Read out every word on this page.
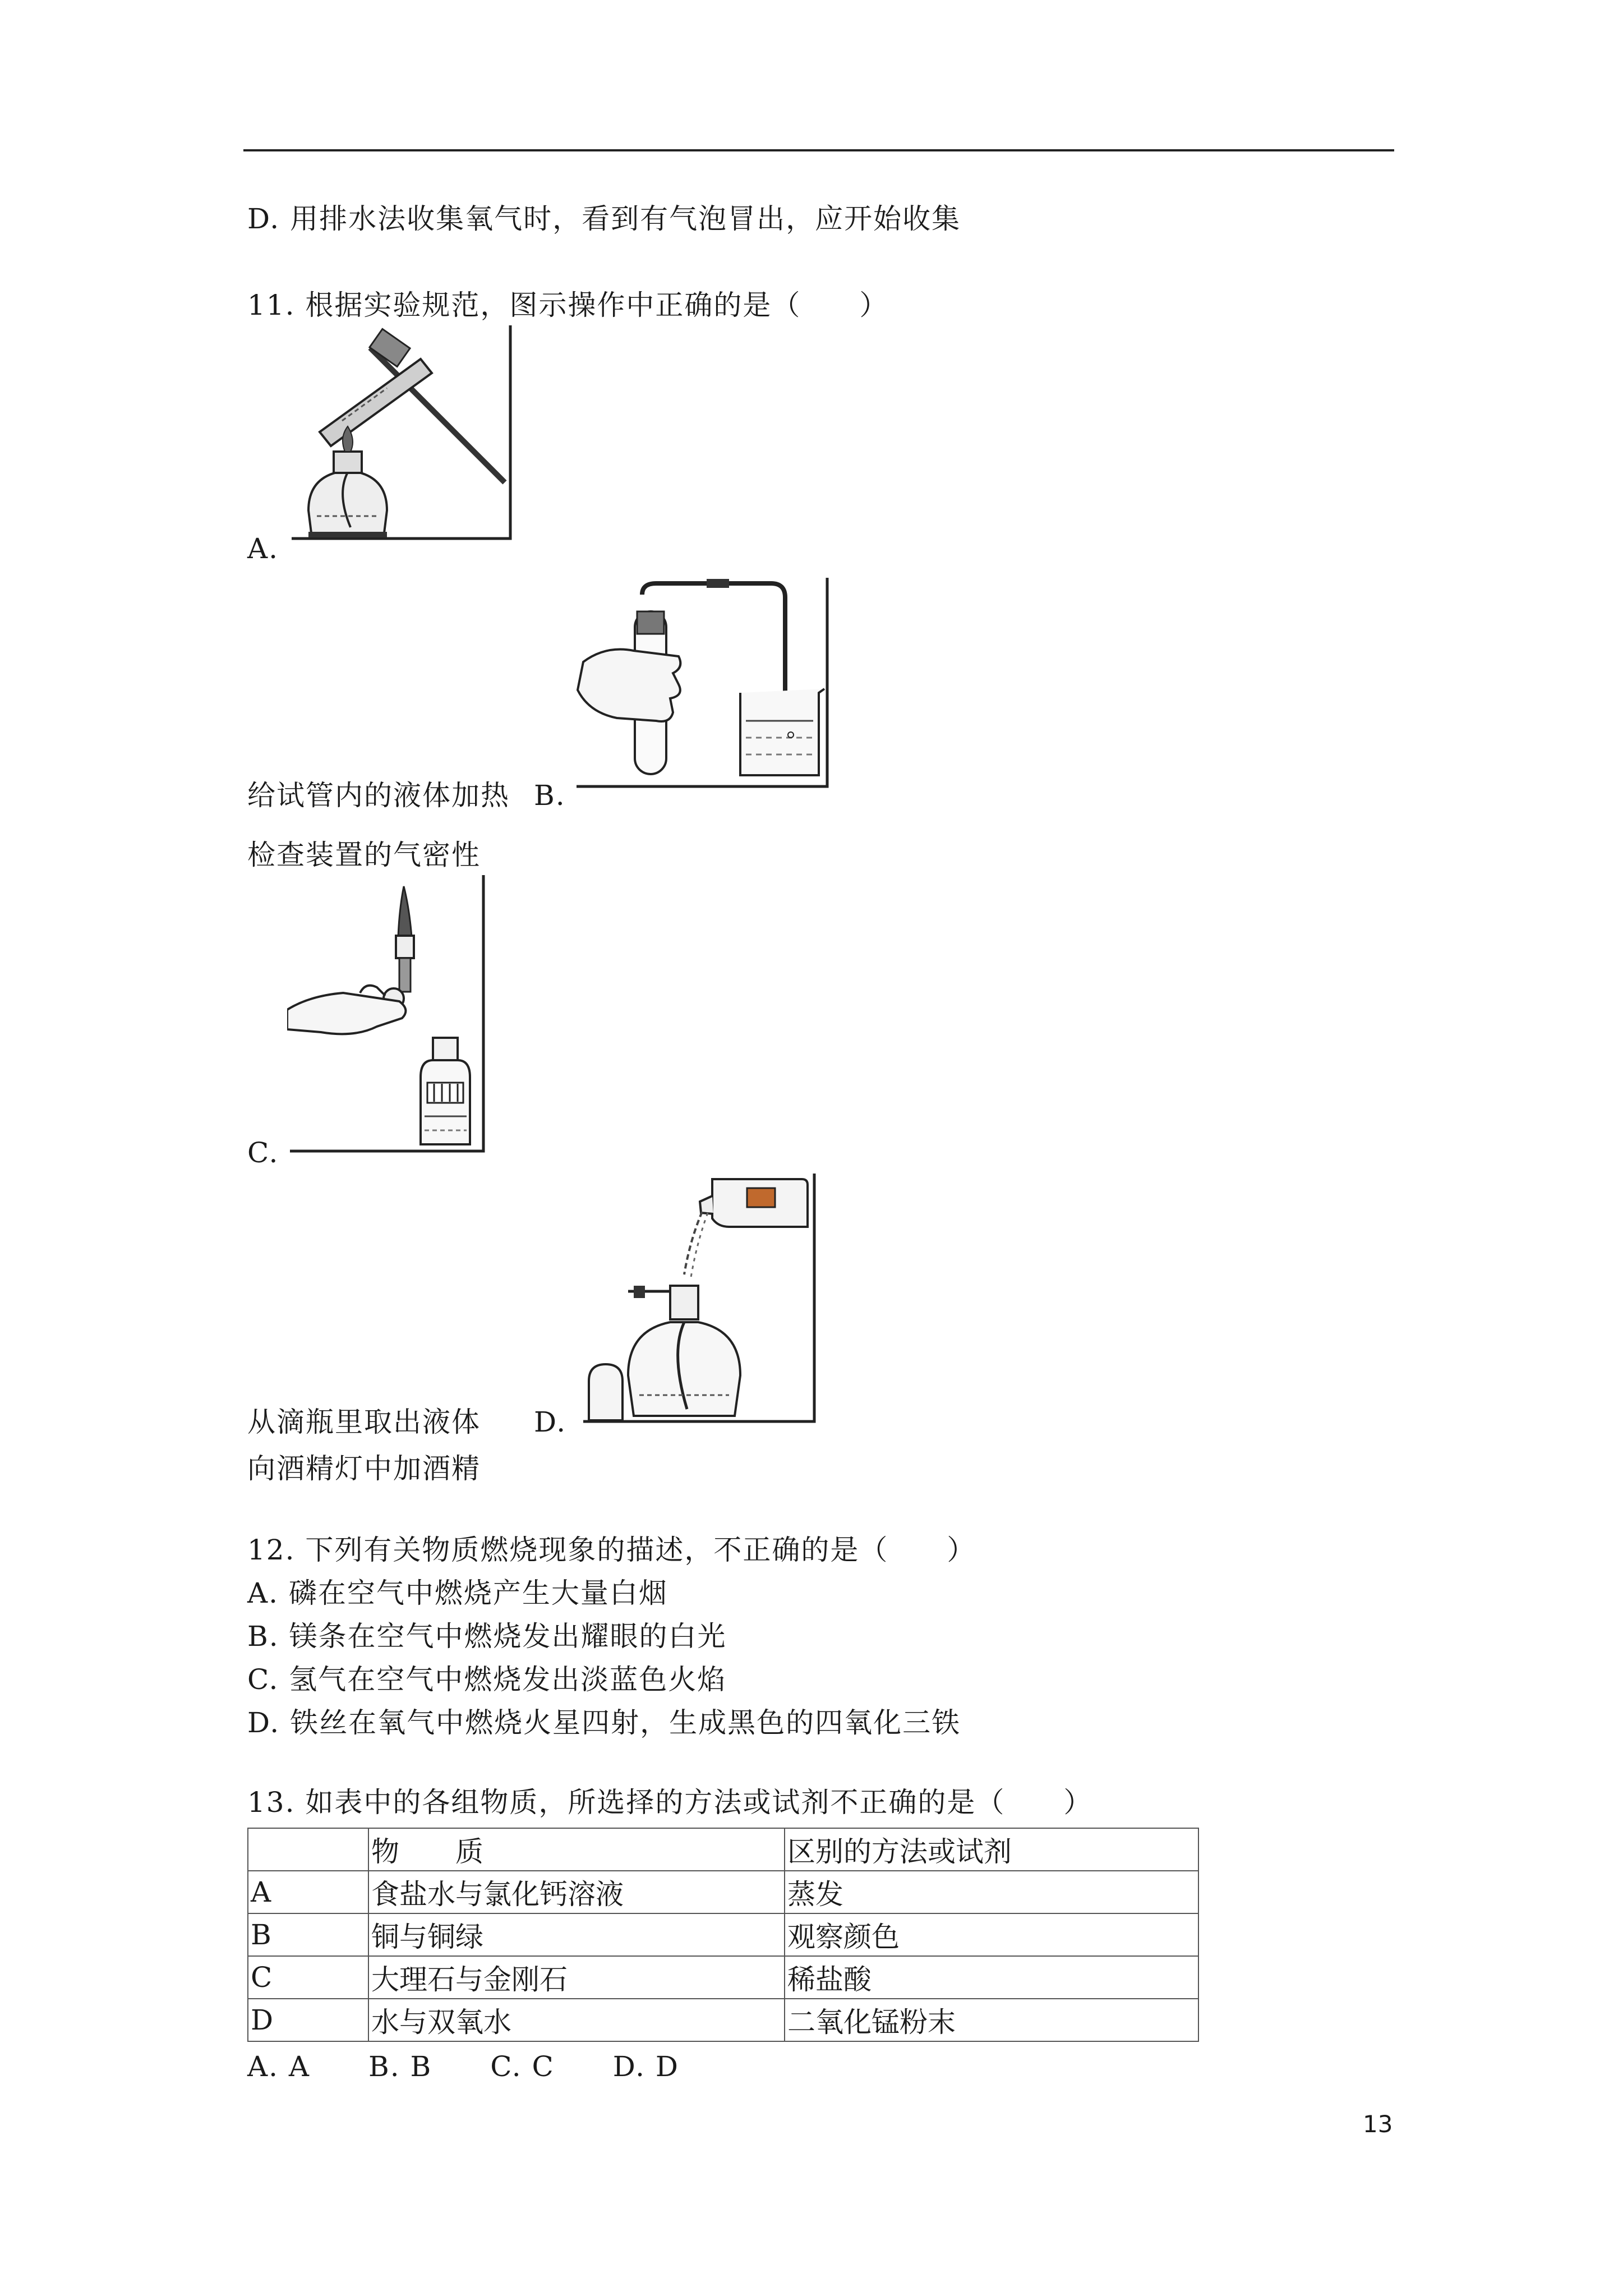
D. 用排水法收集氧气时，看到有气泡冒出，应开始收集
11. 根据实验规范，图示操作中正确的是（　　）
A.
给试管内的液体加热 B.
检查装置的气密性
C.
从滴瓶里取出液体 D.
向酒精灯中加酒精
12. 下列有关物质燃烧现象的描述，不正确的是（　　）
A. 磷在空气中燃烧产生大量白烟
B. 镁条在空气中燃烧发出耀眼的白光
C. 氢气在空气中燃烧发出淡蓝色火焰
D. 铁丝在氧气中燃烧火星四射，生成黑色的四氧化三铁
13. 如表中的各组物质，所选择的方法或试剂不正确的是（　　）
	物　　质	区别的方法或试剂
A	食盐水与氯化钙溶液	蒸发
B	铜与铜绿	观察颜色
C	大理石与金刚石	稀盐酸
D	水与双氧水	二氧化锰粉末
A. A　　B. B　　C. C　　D. D
13
